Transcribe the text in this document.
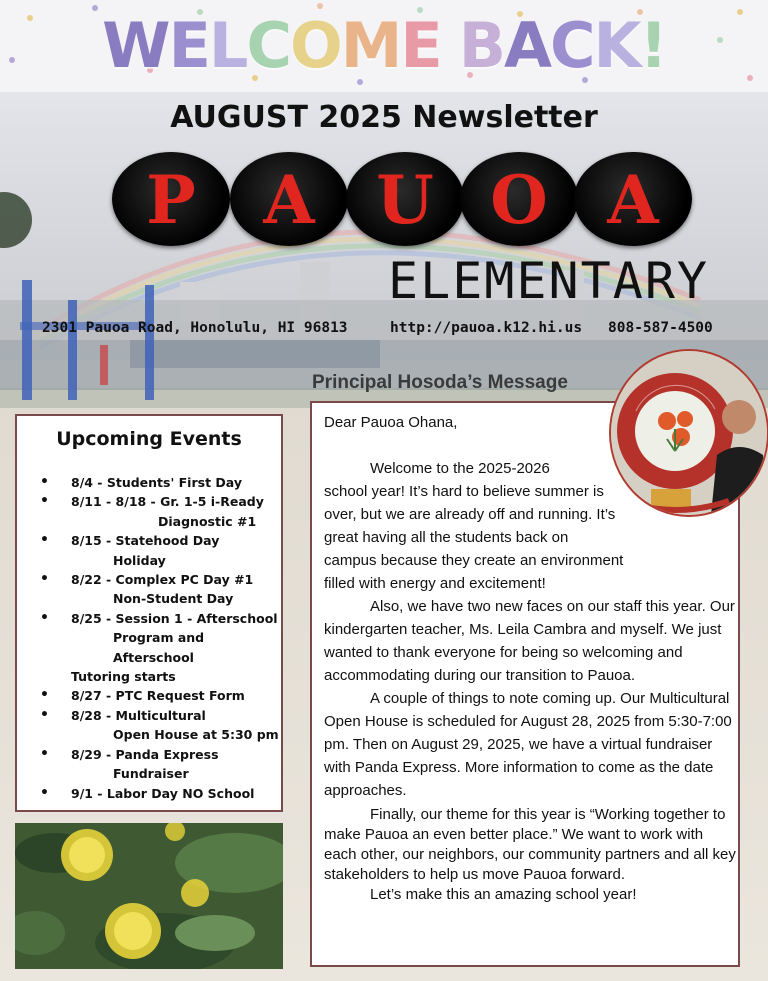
WELCOME BACK!
AUGUST 2025 Newsletter
P	A U O A
ELEMENTARY
2301 Pauoa Road, Honolulu, HI 96813	http://pauoa.k12.hi.us 808-587-4500
Principal Hosoda’s Message
Upcoming Events
• 8/4 - Students' First Day
• 8/11 - 8/18 - Gr. 1-5 i-Ready
Diagnostic #1
• 8/15 - Statehood Day
Holiday
• 8/22 - Complex PC Day #1
Non-Student Day
• 8/25 - Session 1 - Afterschool
Program and Afterschool
Tutoring starts
• 8/27 - PTC Request Form
• 8/28 - Multicultural
Open House at 5:30 pm
• 8/29 - Panda Express
Fundraiser
• 9/1 - Labor Day NO School

Dear Pauoa Ohana,

Welcome to the 2025-2026

school year! It’s hard to believe summer is over, but we are already off and running. It’s great having all the students back on campus because they create an environment filled with energy and excitement!

Also, we have two new faces on our staff this year. Our kindergarten teacher, Ms. Leila Cambra and myself. We just wanted to thank everyone for being so welcoming and accommodating during our transition to Pauoa.

A couple of things to note coming up. Our Multicultural Open House is scheduled for August 28, 2025 from 5:30-7:00 pm. Then on August 29, 2025, we have a virtual fundraiser with Panda Express. More information to come as the date approaches.

Finally, our theme for this year is “Working together to make Pauoa an even better place.” We want to work with each other, our neighbors, our community partners and all key stakeholders to help us move Pauoa forward.

Let’s make this an amazing school year!
